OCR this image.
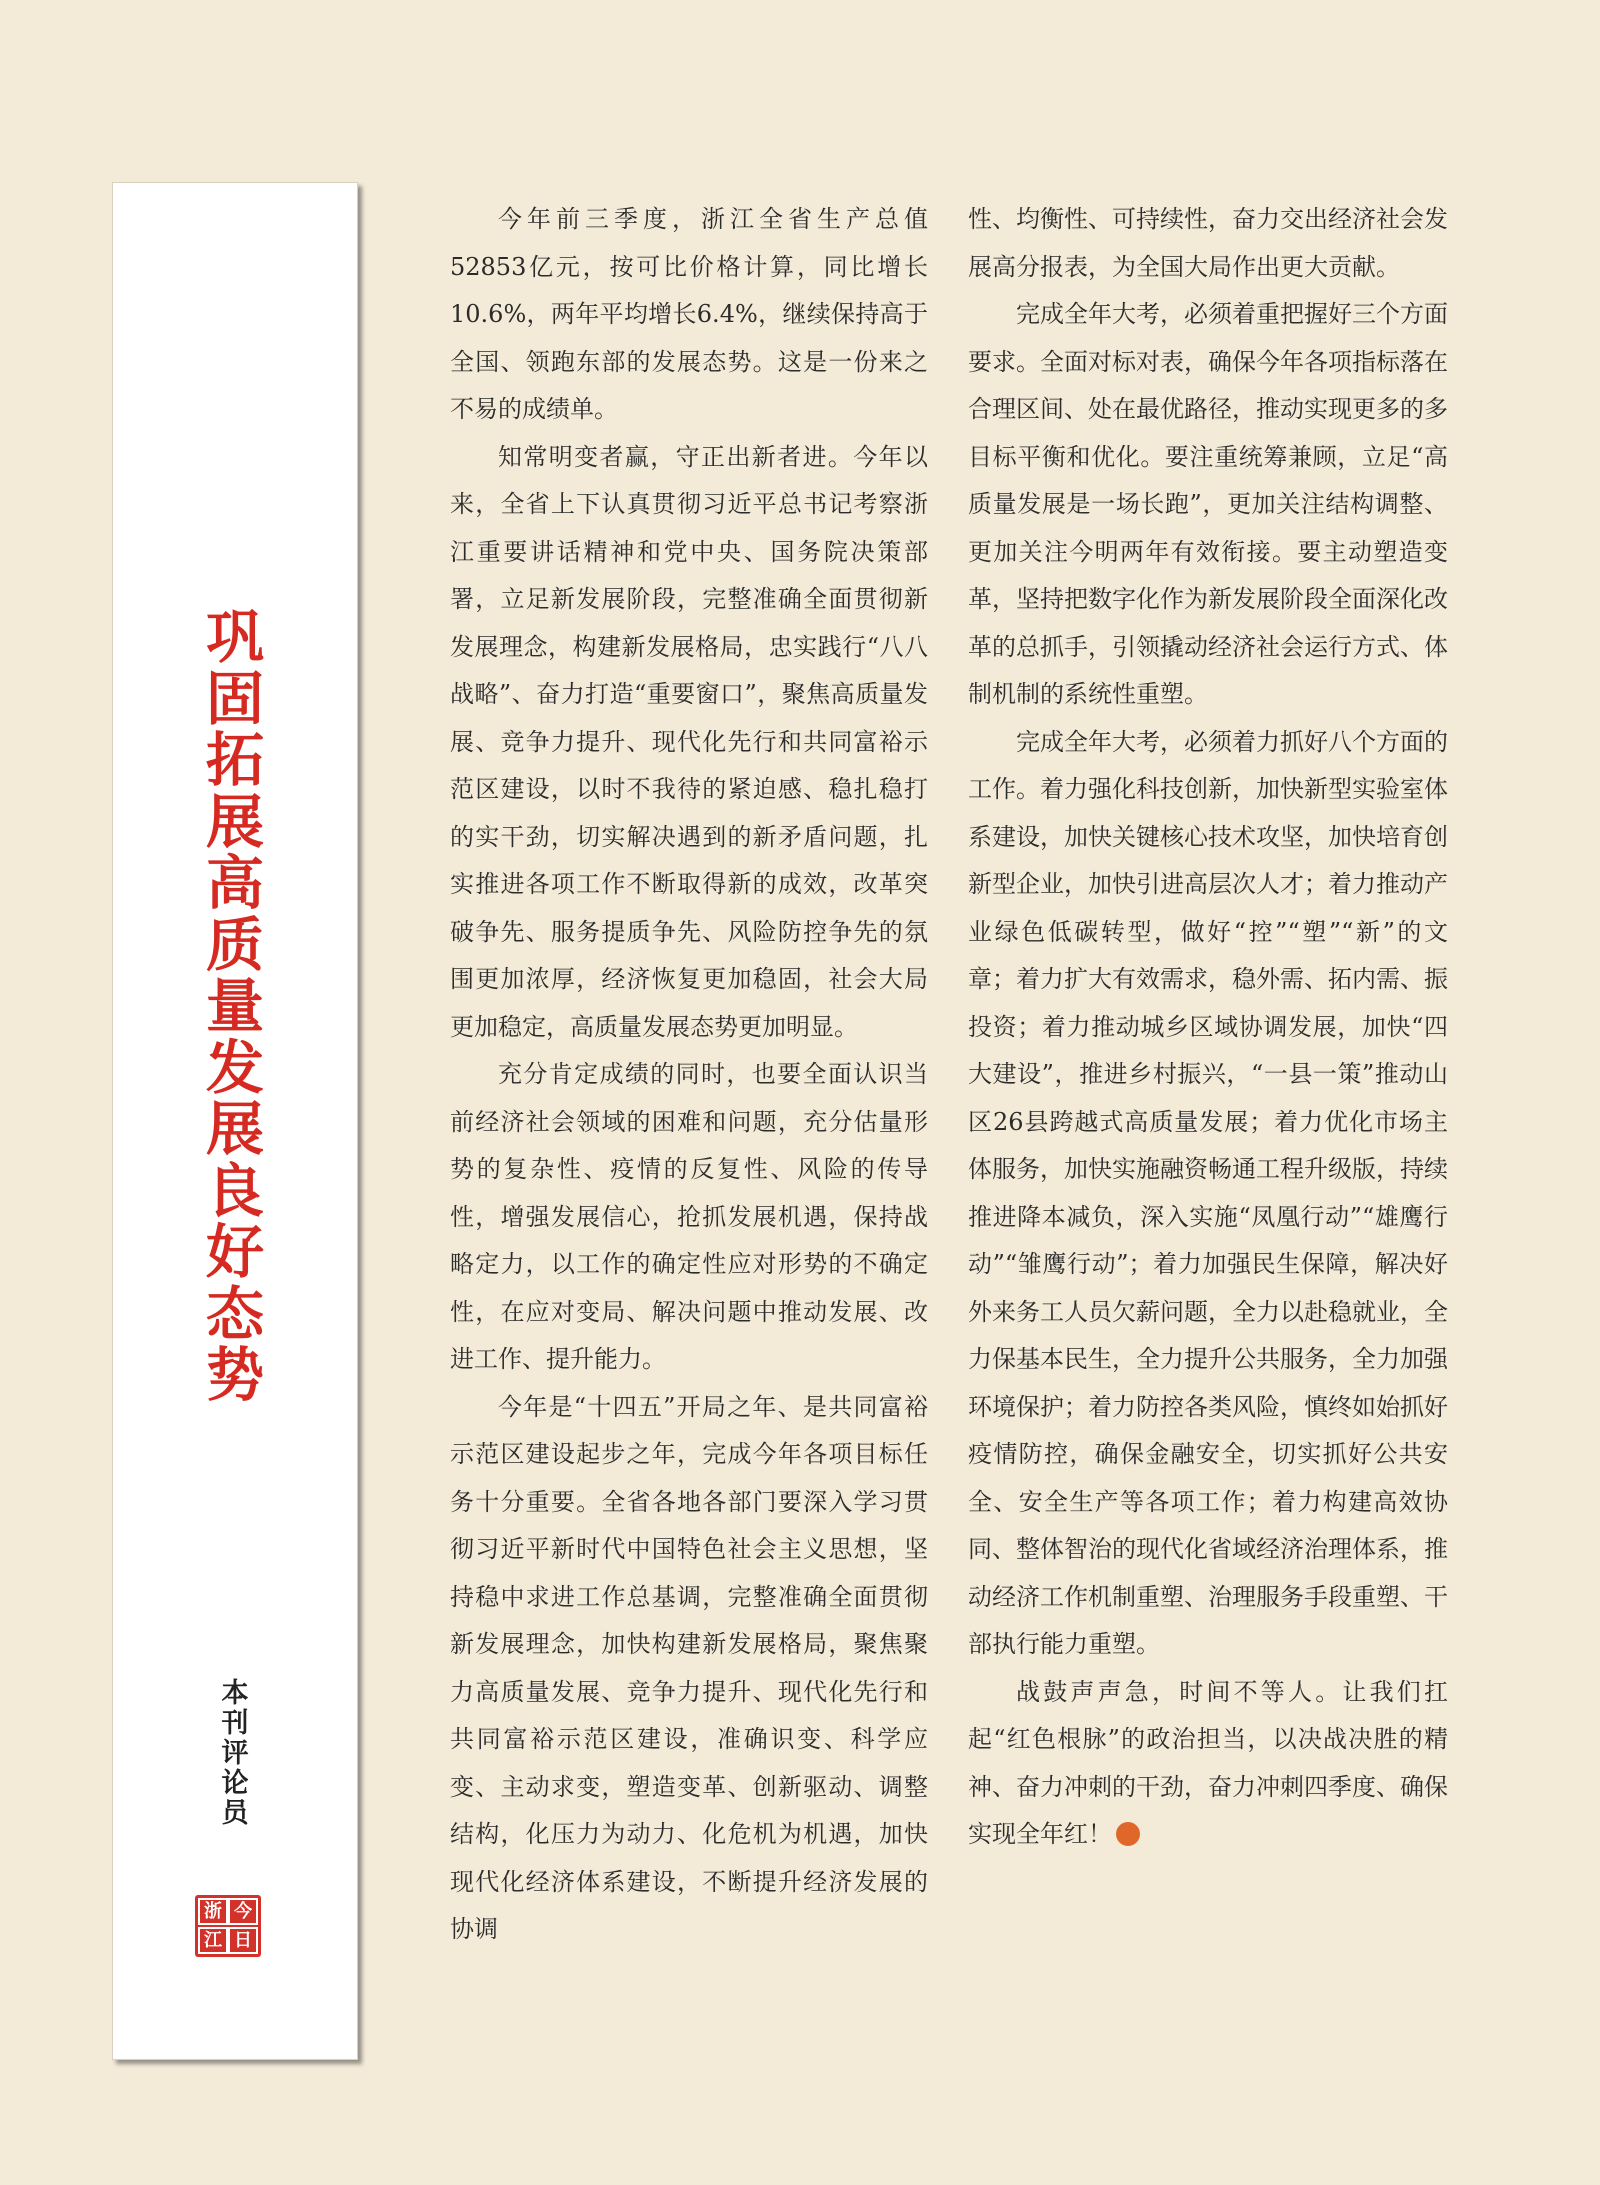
巩
固
拓
展
高
质
量
发
展
良
好
态
势
本
刊
评
论
员
今
日
浙
江

今年前三季度，浙江全省生产总值52853亿元，按可比价格计算，同比增长10.6%，两年平均增长6.4%，继续保持高于全国、领跑东部的发展态势。这是一份来之不易的成绩单。

知常明变者赢，守正出新者进。今年以来，全省上下认真贯彻习近平总书记考察浙江重要讲话精神和党中央、国务院决策部署，立足新发展阶段，完整准确全面贯彻新发展理念，构建新发展格局，忠实践行“八八战略”、奋力打造“重要窗口”，聚焦高质量发展、竞争力提升、现代化先行和共同富裕示范区建设，以时不我待的紧迫感、稳扎稳打的实干劲，切实解决遇到的新矛盾问题，扎实推进各项工作不断取得新的成效，改革突破争先、服务提质争先、风险防控争先的氛围更加浓厚，经济恢复更加稳固，社会大局更加稳定，高质量发展态势更加明显。

充分肯定成绩的同时，也要全面认识当前经济社会领域的困难和问题，充分估量形势的复杂性、疫情的反复性、风险的传导性，增强发展信心，抢抓发展机遇，保持战略定力，以工作的确定性应对形势的不确定性，在应对变局、解决问题中推动发展、改进工作、提升能力。

今年是“十四五”开局之年、是共同富裕示范区建设起步之年，完成今年各项目标任务十分重要。全省各地各部门要深入学习贯彻习近平新时代中国特色社会主义思想，坚持稳中求进工作总基调，完整准确全面贯彻新发展理念，加快构建新发展格局，聚焦聚力高质量发展、竞争力提升、现代化先行和共同富裕示范区建设，准确识变、科学应变、主动求变，塑造变革、创新驱动、调整结构，化压力为动力、化危机为机遇，加快现代化经济体系建设，不断提升经济发展的协调

性、均衡性、可持续性，奋力交出经济社会发展高分报表，为全国大局作出更大贡献。

完成全年大考，必须着重把握好三个方面要求。全面对标对表，确保今年各项指标落在合理区间、处在最优路径，推动实现更多的多目标平衡和优化。要注重统筹兼顾，立足“高质量发展是一场长跑”，更加关注结构调整、更加关注今明两年有效衔接。要主动塑造变革，坚持把数字化作为新发展阶段全面深化改革的总抓手，引领撬动经济社会运行方式、体制机制的系统性重塑。

完成全年大考，必须着力抓好八个方面的工作。着力强化科技创新，加快新型实验室体系建设，加快关键核心技术攻坚，加快培育创新型企业，加快引进高层次人才；着力推动产业绿色低碳转型，做好“控”“塑”“新”的文章；着力扩大有效需求，稳外需、拓内需、振投资；着力推动城乡区域协调发展，加快“四大建设”，推进乡村振兴，“一县一策”推动山区26县跨越式高质量发展；着力优化市场主体服务，加快实施融资畅通工程升级版，持续推进降本减负，深入实施“凤凰行动”“雄鹰行动”“雏鹰行动”；着力加强民生保障，解决好外来务工人员欠薪问题，全力以赴稳就业，全力保基本民生，全力提升公共服务，全力加强环境保护；着力防控各类风险，慎终如始抓好疫情防控，确保金融安全，切实抓好公共安全、安全生产等各项工作；着力构建高效协同、整体智治的现代化省域经济治理体系，推动经济工作机制重塑、治理服务手段重塑、干部执行能力重塑。

战鼓声声急，时间不等人。让我们扛起“红色根脉”的政治担当，以决战决胜的精神、奋力冲刺的干劲，奋力冲刺四季度、确保实现全年红！
